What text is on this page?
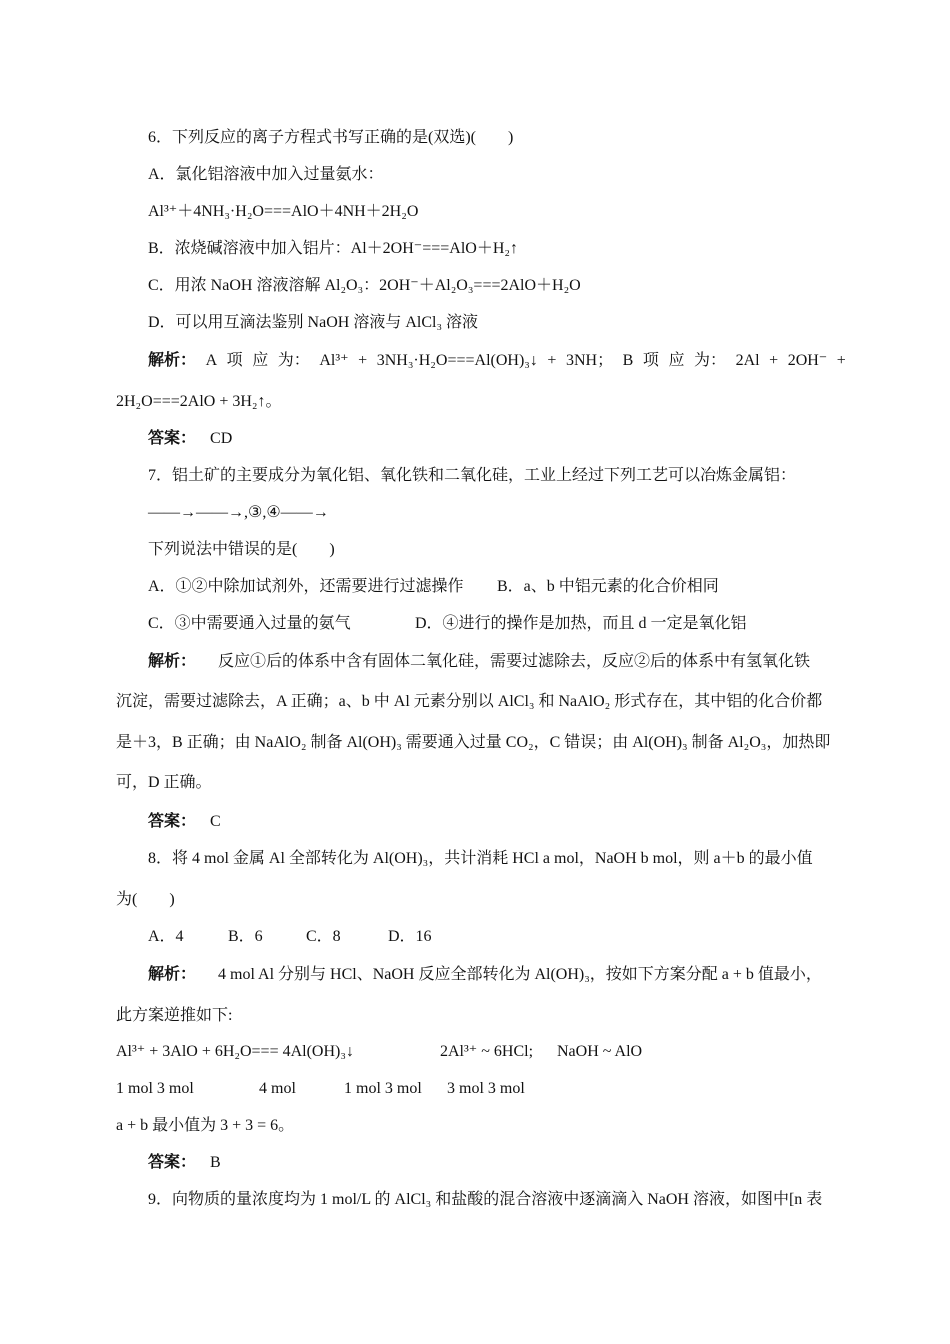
6．下列反应的离子方程式书写正确的是(双选)(　　)
A．氯化铝溶液中加入过量氨水：
Al³⁺＋4NH₃·H₂O===AlO＋4NH＋2H₂O
B．浓烧碱溶液中加入铝片：Al＋2OH⁻===AlO＋H₂↑
C．用浓 NaOH 溶液溶解 Al₂O₃：2OH⁻＋Al₂O₃===2AlO＋H₂O
D．可以用互滴法鉴别 NaOH 溶液与 AlCl₃ 溶液
解析： A 项 应 为： Al³⁺ + 3NH₃·H₂O===Al(OH)₃↓ + 3NH； B 项 应 为： 2Al + 2OH⁻ +
2H₂O===2AlO + 3H₂↑。
答案： CD
7．铝土矿的主要成分为氧化铝、氧化铁和二氧化硅，工业上经过下列工艺可以冶炼金属铝：
——→——→,③,④——→
下列说法中错误的是(　　)
A．①②中除加试剂外，还需要进行过滤操作 B．a、b 中铝元素的化合价相同
C．③中需要通入过量的氨气	D．④进行的操作是加热，而且 d 一定是氧化铝
解析： 反应①后的体系中含有固体二氧化硅，需要过滤除去，反应②后的体系中有氢氧化铁
沉淀，需要过滤除去，A 正确；a、b 中 Al 元素分别以 AlCl₃ 和 NaAlO₂ 形式存在，其中铝的化合价都
是＋3，B 正确；由 NaAlO₂ 制备 Al(OH)₃ 需要通入过量 CO₂，C 错误；由 Al(OH)₃ 制备 Al₂O₃，加热即
可，D 正确。
答案： C
8．将 4 mol 金属 Al 全部转化为 Al(OH)₃，共计消耗 HCl a mol，NaOH b mol，则 a＋b 的最小值
为(　　)
A．4	B．6	C．8	D．16
解析： 4 mol Al 分别与 HCl、NaOH 反应全部转化为 Al(OH)₃，按如下方案分配 a + b 值最小，
此方案逆推如下:
Al³⁺ + 3AlO + 6H₂O=== 4Al(OH)₃↓	2Al³⁺ ~ 6HCl; NaOH ~ AlO
1 mol 3 mol	4 mol	1 mol 3 mol 3 mol 3 mol
a + b 最小值为 3 + 3 = 6。
答案： B
9．向物质的量浓度均为 1 mol/L 的 AlCl₃ 和盐酸的混合溶液中逐滴滴入 NaOH 溶液，如图中[n 表
